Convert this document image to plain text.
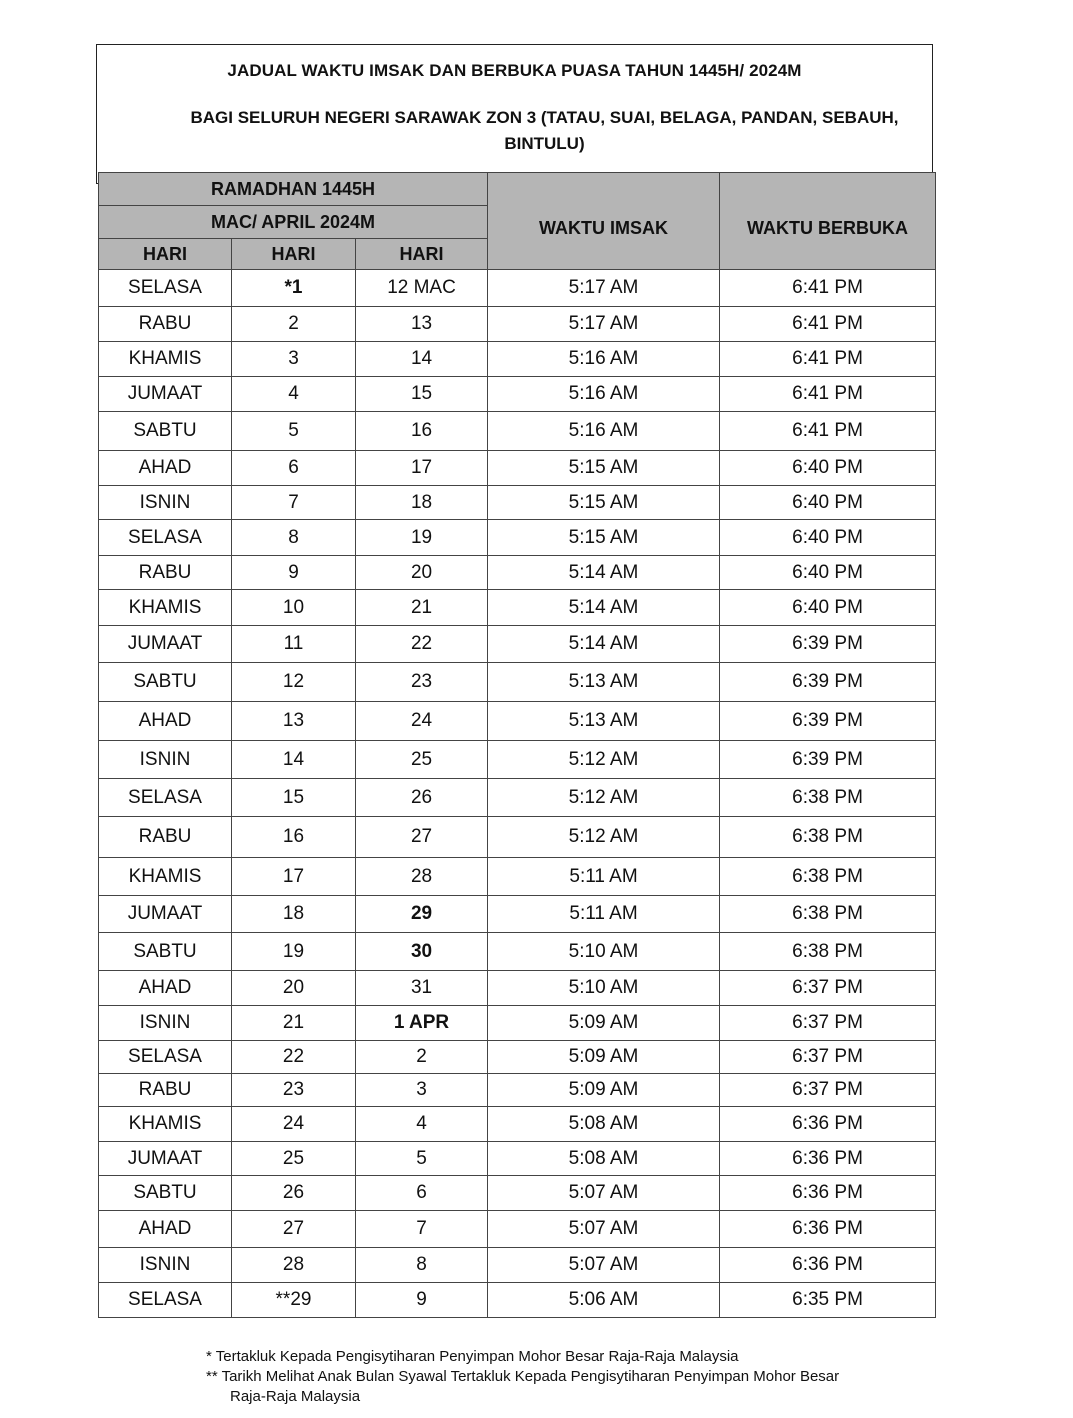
JADUAL WAKTU IMSAK DAN BERBUKA PUASA TAHUN 1445H/ 2024M
BAGI SELURUH NEGERI SARAWAK ZON 3 (TATAU, SUAI, BELAGA, PANDAN, SEBAUH,
BINTULU)
RAMADHAN 1445H			WAKTU IMSAK	WAKTU BERBUKA
MAC/ APRIL 2024M				
HARI	HARI	HARI		
SELASA	*1	12 MAC	5:17 AM	6:41 PM
RABU	2	13	5:17 AM	6:41 PM
KHAMIS	3	14	5:16 AM	6:41 PM
JUMAAT	4	15	5:16 AM	6:41 PM
SABTU	5	16	5:16 AM	6:41 PM
AHAD	6	17	5:15 AM	6:40 PM
ISNIN	7	18	5:15 AM	6:40 PM
SELASA	8	19	5:15 AM	6:40 PM
RABU	9	20	5:14 AM	6:40 PM
KHAMIS	10	21	5:14 AM	6:40 PM
JUMAAT	11	22	5:14 AM	6:39 PM
SABTU	12	23	5:13 AM	6:39 PM
AHAD	13	24	5:13 AM	6:39 PM
ISNIN	14	25	5:12 AM	6:39 PM
SELASA	15	26	5:12 AM	6:38 PM
RABU	16	27	5:12 AM	6:38 PM
KHAMIS	17	28	5:11 AM	6:38 PM
JUMAAT	18	29	5:11 AM	6:38 PM
SABTU	19	30	5:10 AM	6:38 PM
AHAD	20	31	5:10 AM	6:37 PM
ISNIN	21	1 APR	5:09 AM	6:37 PM
SELASA	22	2	5:09 AM	6:37 PM
RABU	23	3	5:09 AM	6:37 PM
KHAMIS	24	4	5:08 AM	6:36 PM
JUMAAT	25	5	5:08 AM	6:36 PM
SABTU	26	6	5:07 AM	6:36 PM
AHAD	27	7	5:07 AM	6:36 PM
ISNIN	28	8	5:07 AM	6:36 PM
SELASA	**29	9	5:06 AM	6:35 PM
* Tertakluk Kepada Pengisytiharan Penyimpan Mohor Besar Raja-Raja Malaysia
** Tarikh Melihat Anak Bulan Syawal Tertakluk Kepada Pengisytiharan Penyimpan Mohor Besar
Raja-Raja Malaysia
